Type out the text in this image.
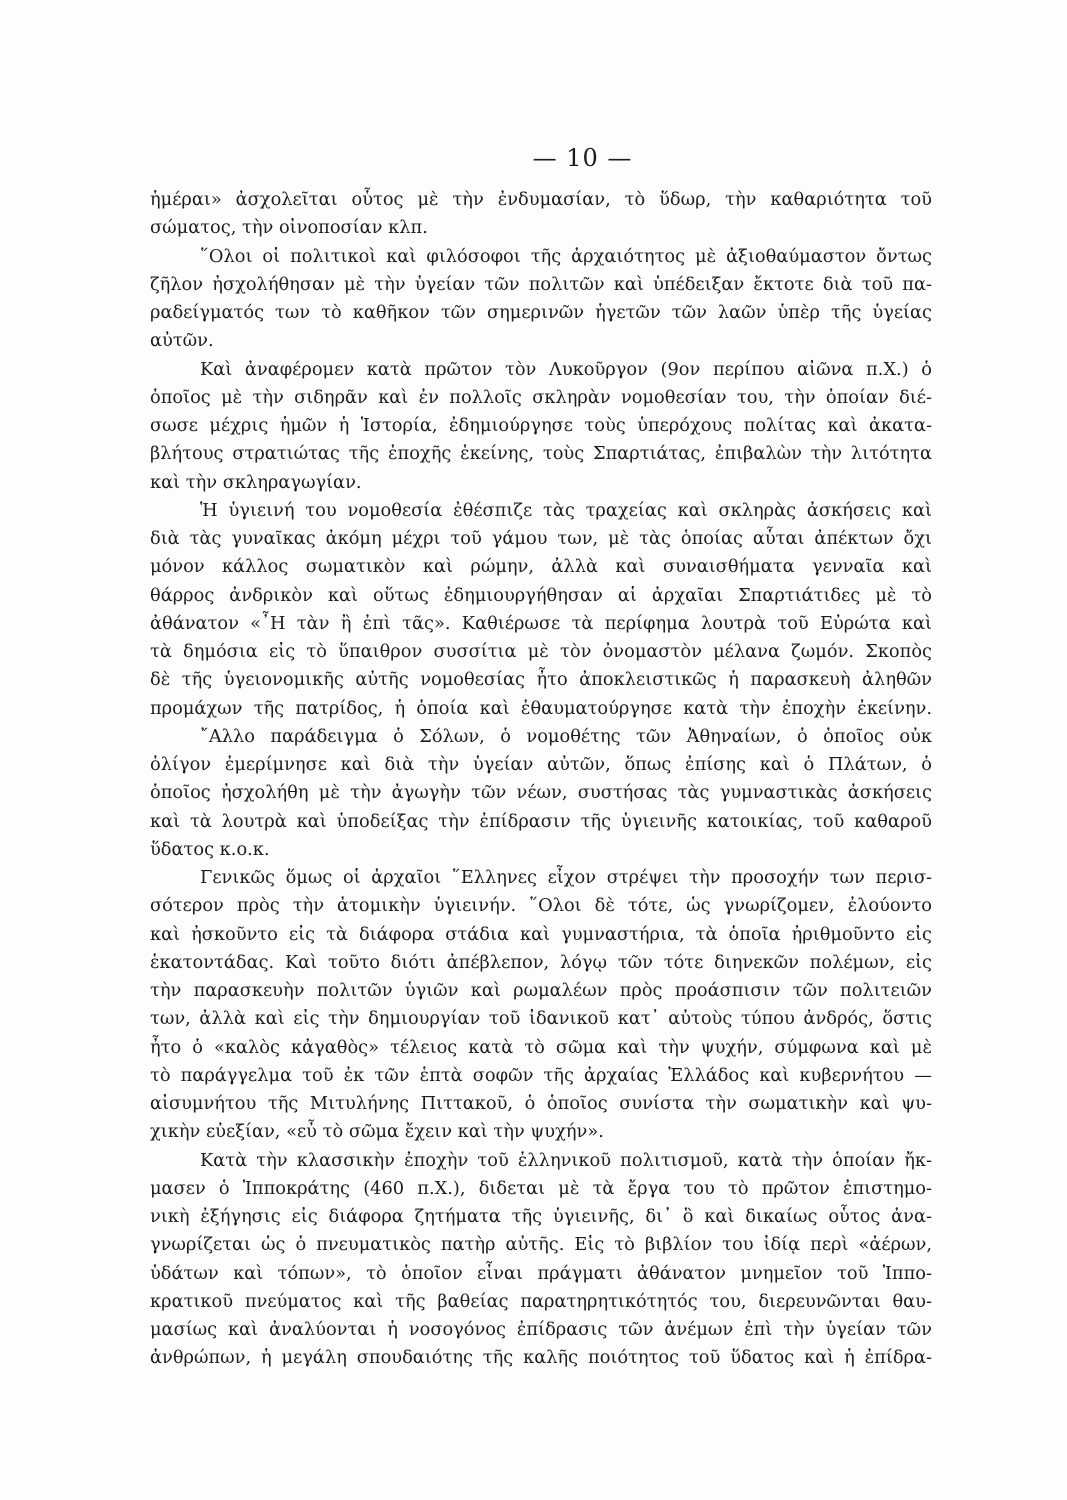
— 10 —
ἡμέραι» ἀσχολεῖται οὗτος μὲ τὴν ἐνδυμασίαν, τὸ ὕδωρ, τὴν καθαριότητα τοῦ
σώματος, τὴν οἰνοποσίαν κλπ.
῞Ολοι οἱ πολιτικοὶ καὶ φιλόσοφοι τῆς ἀρχαιότητος μὲ ἀξιοθαύμαστον ὄντως
ζῆλον ἠσχολήθησαν μὲ τὴν ὑγείαν τῶν πολιτῶν καὶ ὑπέδειξαν ἔκτοτε διὰ τοῦ πα-
ραδείγματός των τὸ καθῆκον τῶν σημερινῶν ἡγετῶν τῶν λαῶν ὑπὲρ τῆς ὑγείας
αὐτῶν.
Καὶ ἀναφέρομεν κατὰ πρῶτον τὸν Λυκοῦργον (9ον περίπου αἰῶνα π.Χ.) ὁ
ὁποῖος μὲ τὴν σιδηρᾶν καὶ ἐν πολλοῖς σκληρὰν νομοθεσίαν του, τὴν ὁποίαν διέ-
σωσε μέχρις ἡμῶν ἡ Ἱστορία, ἐδημιούργησε τοὺς ὑπερόχους πολίτας καὶ ἀκατα-
βλήτους στρατιώτας τῆς ἐποχῆς ἐκείνης, τοὺς Σπαρτιάτας, ἐπιβαλὼν τὴν λιτότητα
καὶ τὴν σκληραγωγίαν.
Ἡ ὑγιεινή του νομοθεσία ἐθέσπιζε τὰς τραχείας καὶ σκληρὰς ἀσκήσεις καὶ
διὰ τὰς γυναῖκας ἀκόμη μέχρι τοῦ γάμου των, μὲ τὰς ὁποίας αὗται ἀπέκτων ὄχι
μόνον κάλλος σωματικὸν καὶ ρώμην, ἀλλὰ καὶ συναισθήματα γενναῖα καὶ
θάρρος ἀνδρικὸν καὶ οὕτως ἐδημιουργήθησαν αἱ ἀρχαῖαι Σπαρτιάτιδες μὲ τὸ
ἀθάνατον «῏Η τὰν ἢ ἐπὶ τᾶς». Καθιέρωσε τὰ περίφημα λουτρὰ τοῦ Εὐρώτα καὶ
τὰ δημόσια εἰς τὸ ὕπαιθρον συσσίτια μὲ τὸν ὀνομαστὸν μέλανα ζωμόν. Σκοπὸς
δὲ τῆς ὑγειονομικῆς αὐτῆς νομοθεσίας ἦτο ἀποκλειστικῶς ἡ παρασκευὴ ἀληθῶν
προμάχων τῆς πατρίδος, ἡ ὁποία καὶ ἐθαυματούργησε κατὰ τὴν ἐποχὴν ἐκείνην.
῎Αλλο παράδειγμα ὁ Σόλων, ὁ νομοθέτης τῶν Ἀθηναίων, ὁ ὁποῖος οὐκ
ὀλίγον ἐμερίμνησε καὶ διὰ τὴν ὑγείαν αὐτῶν, ὅπως ἐπίσης καὶ ὁ Πλάτων, ὁ
ὁποῖος ἠσχολήθη μὲ τὴν ἀγωγὴν τῶν νέων, συστήσας τὰς γυμναστικὰς ἀσκήσεις
καὶ τὰ λουτρὰ καὶ ὑποδείξας τὴν ἐπίδρασιν τῆς ὑγιεινῆς κατοικίας, τοῦ καθαροῦ
ὕδατος κ.ο.κ.
Γενικῶς ὅμως οἱ ἀρχαῖοι ῞Ελληνες εἶχον στρέψει τὴν προσοχήν των περισ-
σότερον πρὸς τὴν ἀτομικὴν ὑγιεινήν. ῞Ολοι δὲ τότε, ὡς γνωρίζομεν, ἐλούοντο
καὶ ἠσκοῦντο εἰς τὰ διάφορα στάδια καὶ γυμναστήρια, τὰ ὁποῖα ἠριθμοῦντο εἰς
ἑκατοντάδας. Καὶ τοῦτο διότι ἀπέβλεπον, λόγῳ τῶν τότε διηνεκῶν πολέμων, εἰς
τὴν παρασκευὴν πολιτῶν ὑγιῶν καὶ ρωμαλέων πρὸς προάσπισιν τῶν πολιτειῶν
των, ἀλλὰ καὶ εἰς τὴν δημιουργίαν τοῦ ἰδανικοῦ κατ᾽ αὐτοὺς τύπου ἀνδρός, ὅστις
ἦτο ὁ «καλὸς κἀγαθὸς» τέλειος κατὰ τὸ σῶμα καὶ τὴν ψυχήν, σύμφωνα καὶ μὲ
τὸ παράγγελμα τοῦ ἐκ τῶν ἑπτὰ σοφῶν τῆς ἀρχαίας Ἑλλάδος καὶ κυβερνήτου —
αἰσυμνήτου τῆς Μιτυλήνης Πιττακοῦ, ὁ ὁποῖος συνίστα τὴν σωματικὴν καὶ ψυ-
χικὴν εὐεξίαν, «εὖ τὸ σῶμα ἔχειν καὶ τὴν ψυχήν».
Κατὰ τὴν κλασσικὴν ἐποχὴν τοῦ ἑλληνικοῦ πολιτισμοῦ, κατὰ τὴν ὁποίαν ἤκ-
μασεν ὁ Ἱπποκράτης (460 π.Χ.), διδεται μὲ τὰ ἔργα του τὸ πρῶτον ἐπιστημο-
νικὴ ἐξήγησις εἰς διάφορα ζητήματα τῆς ὑγιεινῆς, δι᾽ ὃ καὶ δικαίως οὗτος ἀνα-
γνωρίζεται ὡς ὁ πνευματικὸς πατὴρ αὐτῆς. Εἰς τὸ βιβλίον του ἰδίᾳ περὶ «ἀέρων,
ὑδάτων καὶ τόπων», τὸ ὁποῖον εἶναι πράγματι ἀθάνατον μνημεῖον τοῦ Ἱππο-
κρατικοῦ πνεύματος καὶ τῆς βαθείας παρατηρητικότητός του, διερευνῶνται θαυ-
μασίως καὶ ἀναλύονται ἡ νοσογόνος ἐπίδρασις τῶν ἀνέμων ἐπὶ τὴν ὑγείαν τῶν
ἀνθρώπων, ἡ μεγάλη σπουδαιότης τῆς καλῆς ποιότητος τοῦ ὕδατος καὶ ἡ ἐπίδρα-
